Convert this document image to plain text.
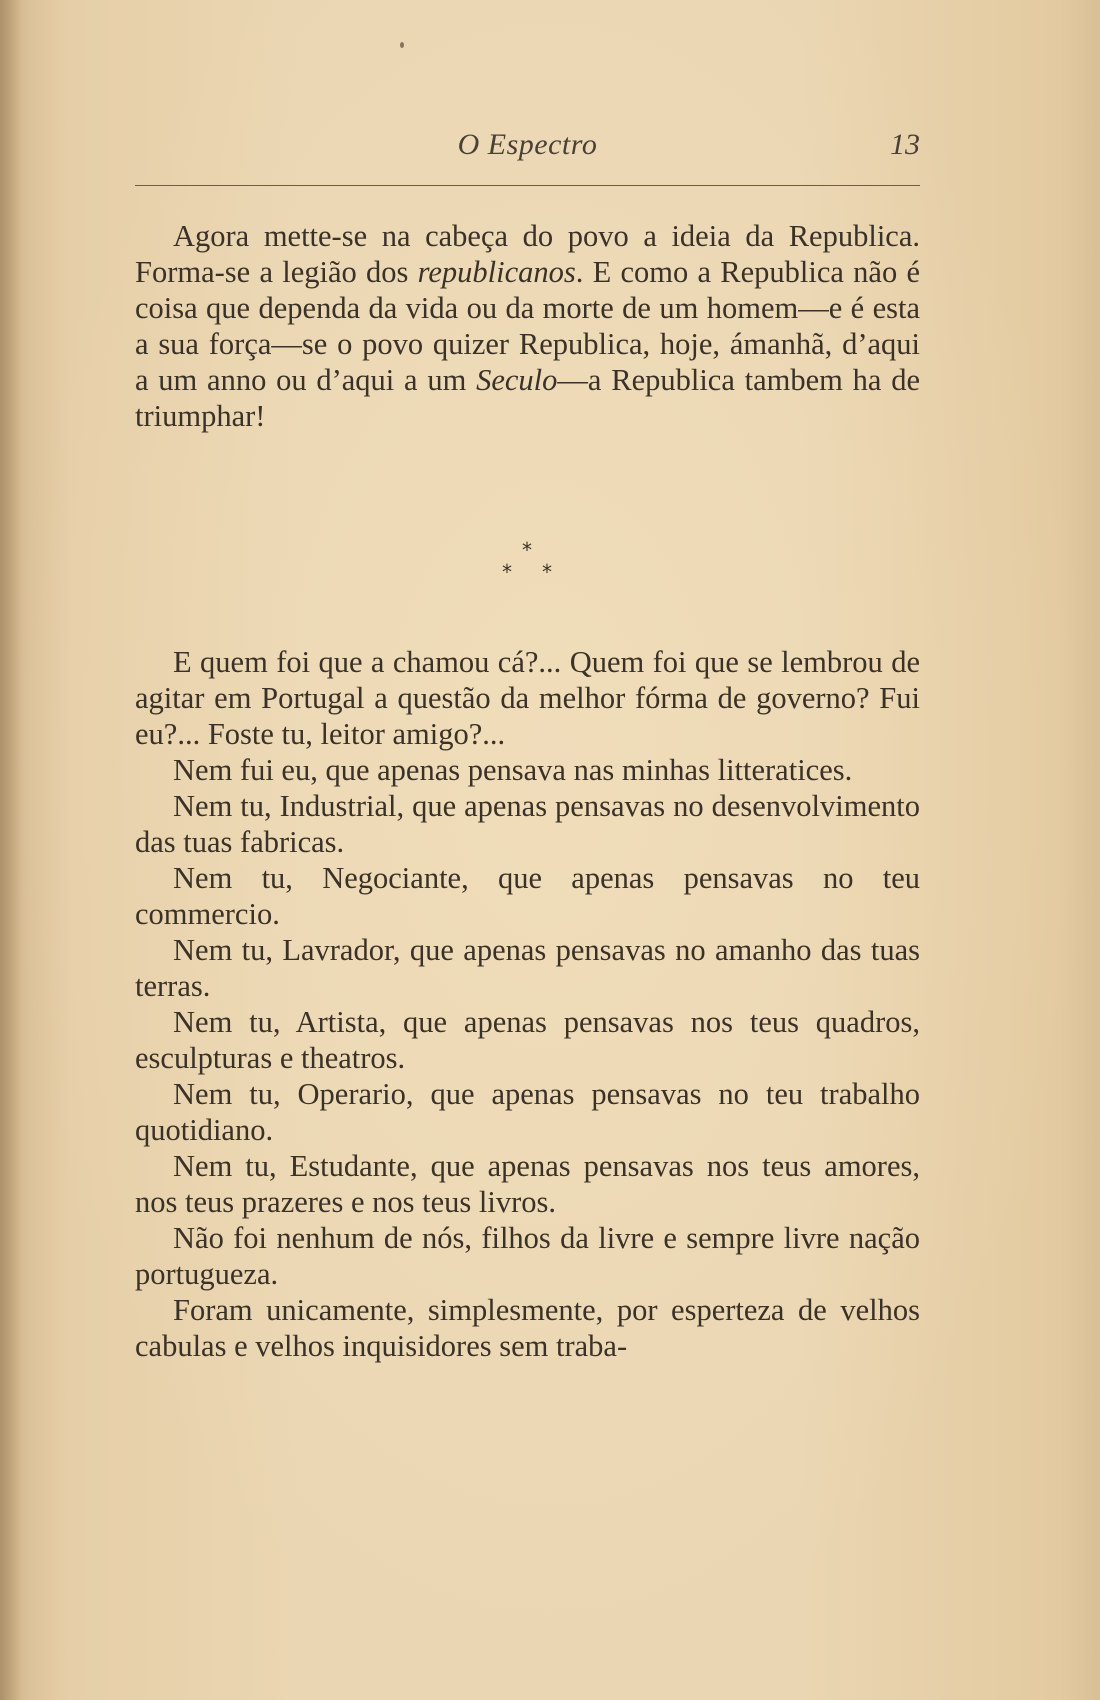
O Espectro	13

Agora mette-se na cabeça do povo a ideia da Republica. Forma-se a legião dos republicanos. E como a Republica não é coisa que dependa da vida ou da morte de um homem—e é esta a sua força—se o povo quizer Republica, hoje, ámanhã, d’aqui a um anno ou d’aqui a um Seculo—a Republica tambem ha de triumphar!

*
* *

E quem foi que a chamou cá?... Quem foi que se lembrou de agitar em Portugal a questão da melhor fórma de governo? Fui eu?... Foste tu, leitor amigo?...

Nem fui eu, que apenas pensava nas minhas litteratices.

Nem tu, Industrial, que apenas pensavas no desenvolvimento das tuas fabricas.

Nem tu, Negociante, que apenas pensavas no teu commercio.

Nem tu, Lavrador, que apenas pensavas no amanho das tuas terras.

Nem tu, Artista, que apenas pensavas nos teus quadros, esculpturas e theatros.

Nem tu, Operario, que apenas pensavas no teu trabalho quotidiano.

Nem tu, Estudante, que apenas pensavas nos teus amores, nos teus prazeres e nos teus livros.

Não foi nenhum de nós, filhos da livre e sempre livre nação portugueza.

Foram unicamente, simplesmente, por esperteza de velhos cabulas e velhos inquisidores sem traba-
